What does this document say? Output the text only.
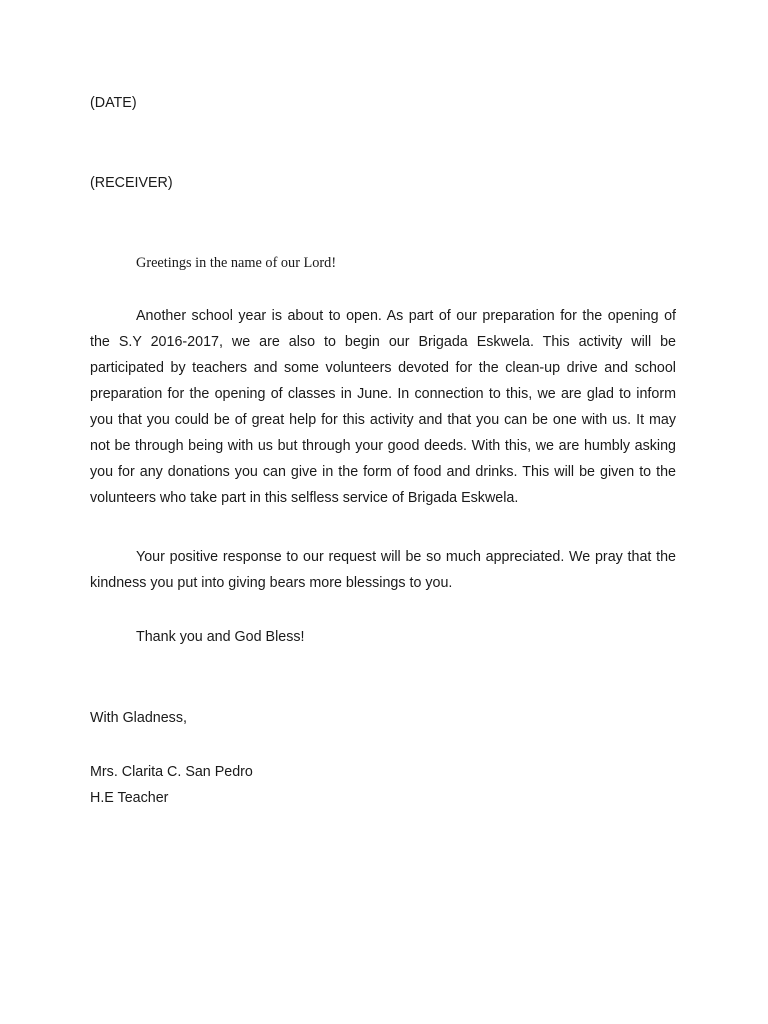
(DATE)
(RECEIVER)
Greetings in the name of our Lord!

Another school year is about to open. As part of our preparation for the opening of the S.Y 2016-2017, we are also to begin our Brigada Eskwela. This activity will be participated by teachers and some volunteers devoted for the clean-up drive and school preparation for the opening of classes in June. In connection to this, we are glad to inform you that you could be of great help for this activity and that you can be one with us. It may not be through being with us but through your good deeds. With this, we are humbly asking you for any donations you can give in the form of food and drinks. This will be given to the volunteers who take part in this selfless service of Brigada Eskwela.

Your positive response to our request will be so much appreciated. We pray that the kindness you put into giving bears more blessings to you.

Thank you and God Bless!

With Gladness,
Mrs. Clarita C. San Pedro
H.E Teacher
